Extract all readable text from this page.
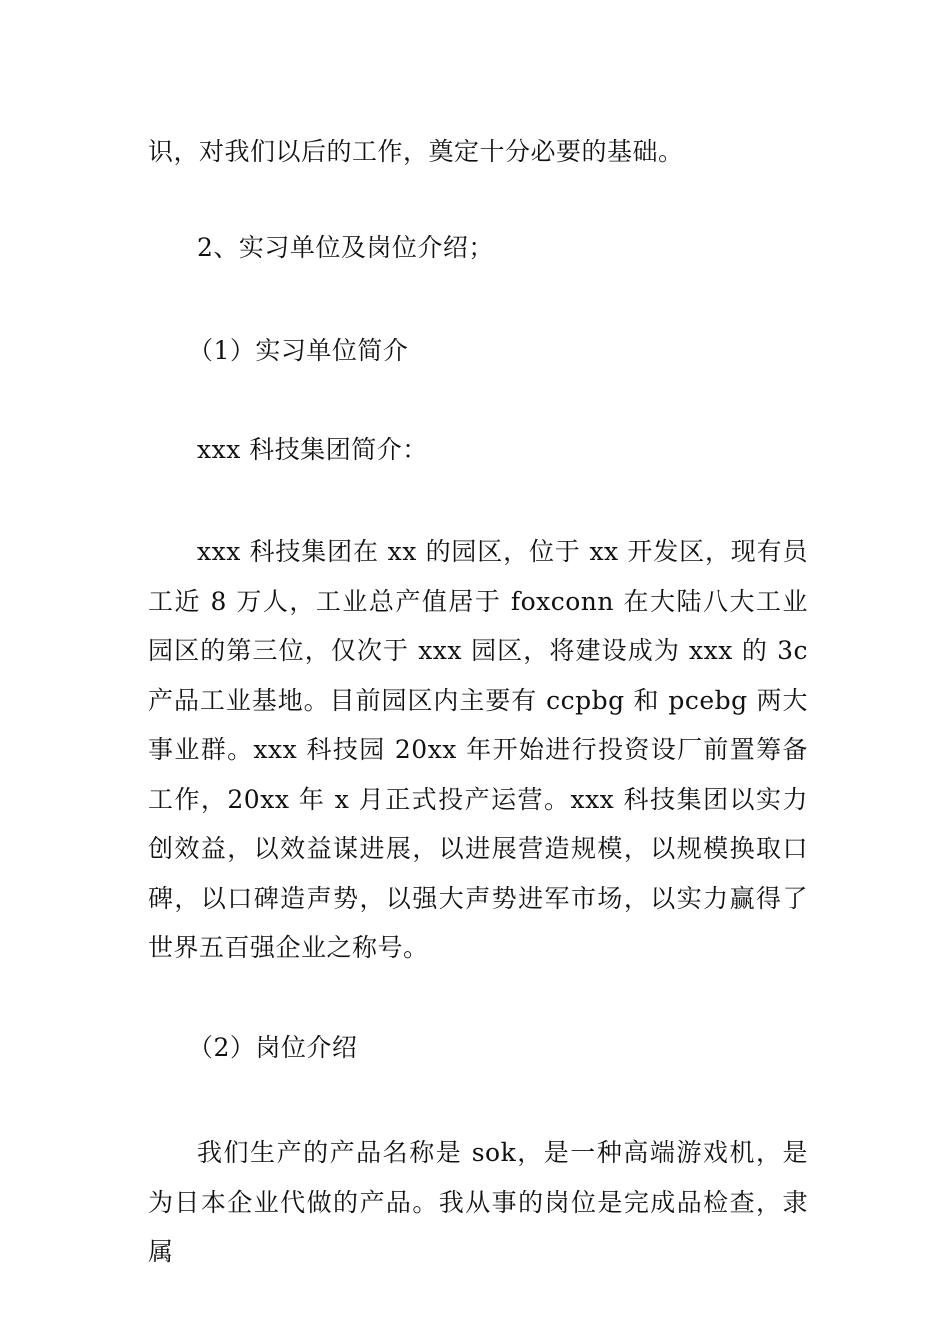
识，对我们以后的工作，奠定十分必要的基础。
2、实习单位及岗位介绍；
（1）实习单位简介
xxx 科技集团简介：

xxx 科技集团在 xx 的园区，位于 xx 开发区，现有员工近 8 万人，工业总产值居于 foxconn 在大陆八大工业园区的第三位，仅次于 xxx 园区，将建设成为 xxx 的 3c 产品工业基地。目前园区内主要有 ccpbg 和 pcebg 两大事业群。xxx 科技园 20xx 年开始进行投资设厂前置筹备工作，20xx 年 x 月正式投产运营。xxx 科技集团以实力创效益，以效益谋进展，以进展营造规模，以规模换取口碑，以口碑造声势，以强大声势进军市场，以实力赢得了世界五百强企业之称号。

（2）岗位介绍

我们生产的产品名称是 sok，是一种高端游戏机，是为日本企业代做的产品。我从事的岗位是完成品检查，隶属
